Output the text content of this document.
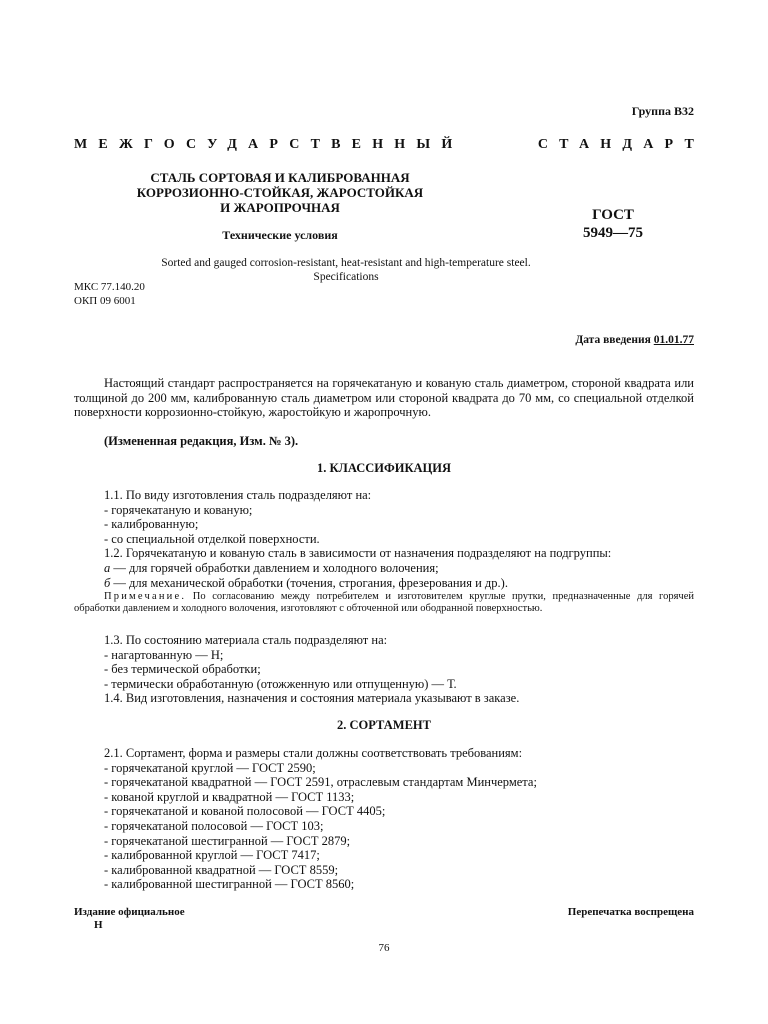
Группа В32
МЕЖГОСУДАРСТВЕННЫЙ	СТАНДАРТ
СТАЛЬ СОРТОВАЯ И КАЛИБРОВАННАЯ
КОРРОЗИОННО-СТОЙКАЯ, ЖАРОСТОЙКАЯ
И ЖАРОПРОЧНАЯ	ГОСТ
5949—75
Технические условия
Sorted and gauged corrosion-resistant, heat-resistant and high-temperature steel.
Specifications
МКС 77.140.20
ОКП 09 6001
Дата введения 01.01.77
Настоящий стандарт распространяется на горячекатаную и кованую сталь диаметром, стороной квадрата или толщиной до 200 мм, калиброванную сталь диаметром или стороной квадрата до 70 мм, со специальной отделкой поверхности коррозионно-стойкую, жаростойкую и жаропрочную.
(Измененная редакция, Изм. № 3).
1. КЛАССИФИКАЦИЯ
1.1. По виду изготовления сталь подразделяют на:
- горячекатаную и кованую;
- калиброванную;
- со специальной отделкой поверхности.
1.2. Горячекатаную и кованую сталь в зависимости от назначения подразделяют на подгруппы:
а — для горячей обработки давлением и холодного волочения;
б — для механической обработки (точения, строгания, фрезерования и др.).
Примечание. По согласованию между потребителем и изготовителем круглые прутки, предназначенные для горячей обработки давлением и холодного волочения, изготовляют с обточенной или ободранной поверхностью.
1.3. По состоянию материала сталь подразделяют на:
- нагартованную — Н;
- без термической обработки;
- термически обработанную (отожженную или отпущенную) — Т.
1.4. Вид изготовления, назначения и состояния материала указывают в заказе.
2. СОРТАМЕНТ
2.1. Сортамент, форма и размеры стали должны соответствовать требованиям:
- горячекатаной круглой — ГОСТ 2590;
- горячекатаной квадратной — ГОСТ 2591, отраслевым стандартам Минчермета;
- кованой круглой и квадратной — ГОСТ 1133;
- горячекатаной и кованой полосовой — ГОСТ 4405;
- горячекатаной полосовой — ГОСТ 103;
- горячекатаной шестигранной — ГОСТ 2879;
- калиброванной круглой — ГОСТ 7417;
- калиброванной квадратной — ГОСТ 8559;
- калиброванной шестигранной — ГОСТ 8560;
Издание официальное
Н
Перепечатка воспрещена
76
